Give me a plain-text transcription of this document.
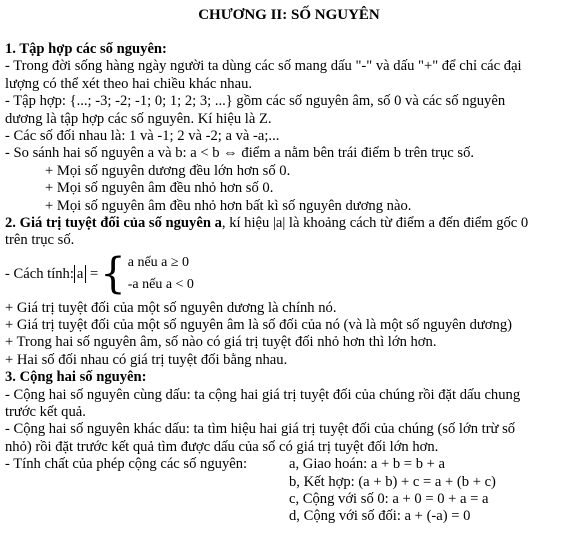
CHƯƠNG II: SỐ NGUYÊN
1. Tập hợp các số nguyên:
- Trong đời sống hàng ngày người ta dùng các số mang dấu "-" và dấu "+" để chỉ các đại
lượng có thể xét theo hai chiều khác nhau.
- Tập hợp: {...; -3; -2; -1; 0; 1; 2; 3; ...} gồm các số nguyên âm, số 0 và các số nguyên
dương là tập hợp các số nguyên. Kí hiệu là Z.
- Các số đối nhau là: 1 và -1; 2 và -2; a và -a;...
- So sánh hai số nguyên a và b: a < b ⇔ điểm a nằm bên trái điểm b trên trục số.
+ Mọi số nguyên dương đều lớn hơn số 0.
+ Mọi số nguyên âm đều nhỏ hơn số 0.
+ Mọi số nguyên âm đều nhỏ hơn bất kì số nguyên dương nào.
2. Giá trị tuyệt đối của số nguyên a, kí hiệu |a| là khoảng cách từ điểm a đến điểm gốc 0
trên trục số.
- Cách tính: a = { a nếu a ≥ 0
-a nếu a < 0
+ Giá trị tuyệt đối của một số nguyên dương là chính nó.
+ Giá trị tuyệt đối của một số nguyên âm là số đối của nó (và là một số nguyên dương)
+ Trong hai số nguyên âm, số nào có giá trị tuyệt đối nhỏ hơn thì lớn hơn.
+ Hai số đối nhau có giá trị tuyệt đối bằng nhau.
3. Cộng hai số nguyên:
- Cộng hai số nguyên cùng dấu: ta cộng hai giá trị tuyệt đối của chúng rồi đặt dấu chung
trước kết quả.
- Cộng hai số nguyên khác dấu: ta tìm hiệu hai giá trị tuyệt đối của chúng (số lớn trừ số
nhỏ) rồi đặt trước kết quả tìm được dấu của số có giá trị tuyệt đối lớn hơn.
- Tính chất của phép cộng các số nguyên:	a, Giao hoán: a + b = b + a
b, Kết hợp: (a + b) + c = a + (b + c)
c, Cộng với số 0: a + 0 = 0 + a = a
d, Cộng với số đối: a + (-a) = 0
